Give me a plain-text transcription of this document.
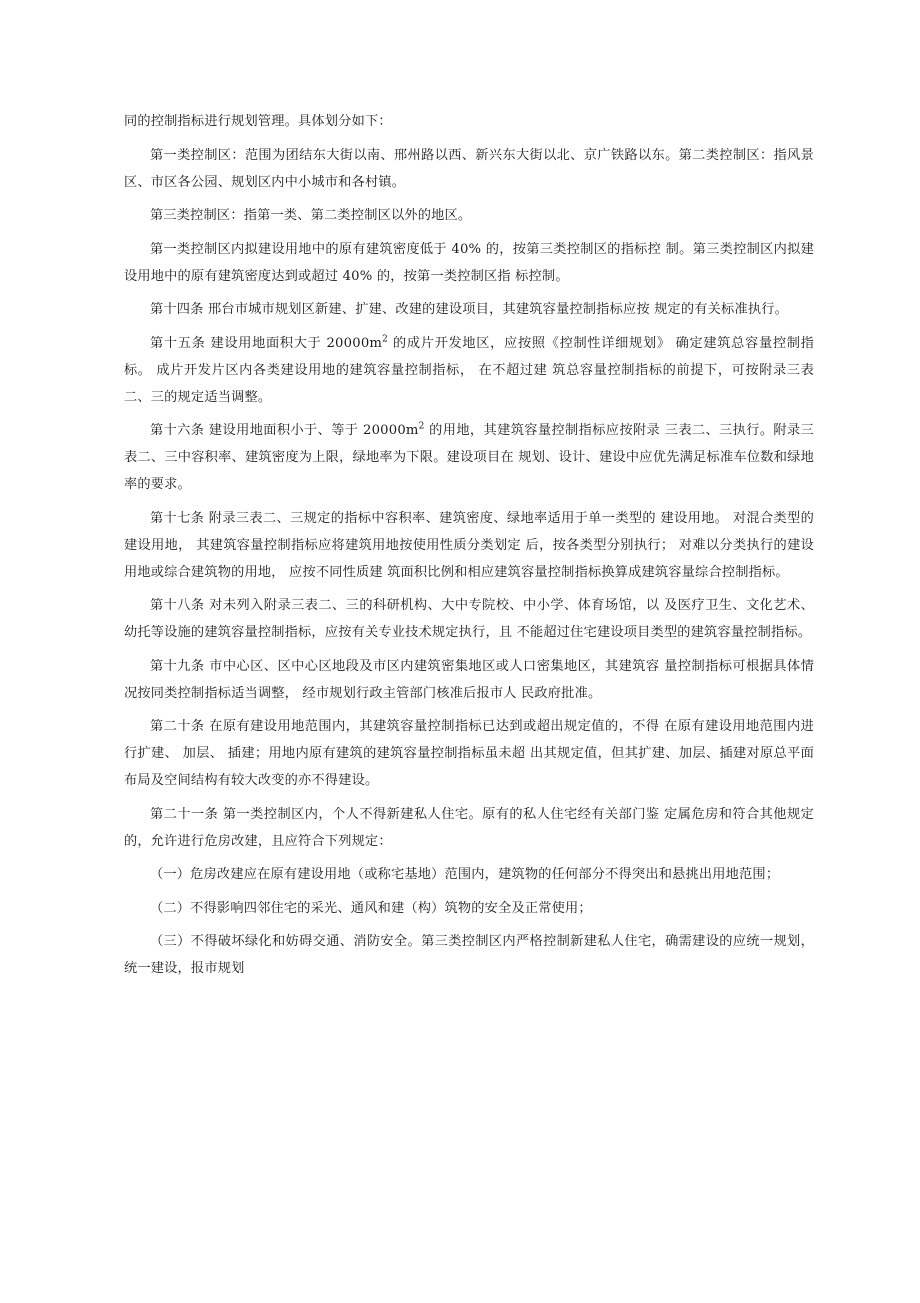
同的控制指标进行规划管理。具体划分如下：

第一类控制区：范围为团结东大街以南、邢州路以西、新兴东大街以北、京广铁路以东。第二类控制区：指风景区、市区各公园、规划区内中小城市和各村镇。

第三类控制区：指第一类、第二类控制区以外的地区。

第一类控制区内拟建设用地中的原有建筑密度低于 40% 的，按第三类控制区的指标控 制。第三类控制区内拟建设用地中的原有建筑密度达到或超过 40% 的，按第一类控制区指 标控制。

第十四条 邢台市城市规划区新建、扩建、改建的建设项目，其建筑容量控制指标应按 规定的有关标准执行。

第十五条 建设用地面积大于 $20000m^2$ 的成片开发地区，应按照《控制性详细规划》 确定建筑总容量控制指标。 成片开发片区内各类建设用地的建筑容量控制指标， 在不超过建 筑总容量控制指标的前提下，可按附录三表二、三的规定适当调整。

第十六条 建设用地面积小于、等于 $20000m^2$ 的用地，其建筑容量控制指标应按附录 三表二、三执行。附录三表二、三中容积率、建筑密度为上限，绿地率为下限。建设项目在 规划、设计、建设中应优先满足标准车位数和绿地率的要求。

第十七条 附录三表二、三规定的指标中容积率、建筑密度、绿地率适用于单一类型的 建设用地。 对混合类型的建设用地， 其建筑容量控制指标应将建筑用地按使用性质分类划定 后，按各类型分别执行； 对难以分类执行的建设用地或综合建筑物的用地， 应按不同性质建 筑面积比例和相应建筑容量控制指标换算成建筑容量综合控制指标。

第十八条 对未列入附录三表二、三的科研机构、大中专院校、中小学、体育场馆，以 及医疗卫生、文化艺术、 幼托等设施的建筑容量控制指标，应按有关专业技术规定执行，且 不能超过住宅建设项目类型的建筑容量控制指标。

第十九条 市中心区、区中心区地段及市区内建筑密集地区或人口密集地区，其建筑容 量控制指标可根据具体情况按同类控制指标适当调整， 经市规划行政主管部门核准后报市人 民政府批准。

第二十条 在原有建设用地范围内，其建筑容量控制指标已达到或超出规定值的，不得 在原有建设用地范围内进行扩建、 加层、 插建；用地内原有建筑的建筑容量控制指标虽未超 出其规定值，但其扩建、加层、插建对原总平面布局及空间结构有较大改变的亦不得建设。

第二十一条 第一类控制区内，个人不得新建私人住宅。原有的私人住宅经有关部门鉴 定属危房和符合其他规定的，允许进行危房改建，且应符合下列规定：

（一）危房改建应在原有建设用地（或称宅基地）范围内，建筑物的任何部分不得突出和悬挑出用地范围；

（二）不得影响四邻住宅的采光、通风和建（构）筑物的安全及正常使用；

（三）不得破坏绿化和妨碍交通、消防安全。第三类控制区内严格控制新建私人住宅，确需建设的应统一规划，统一建设，报市规划
